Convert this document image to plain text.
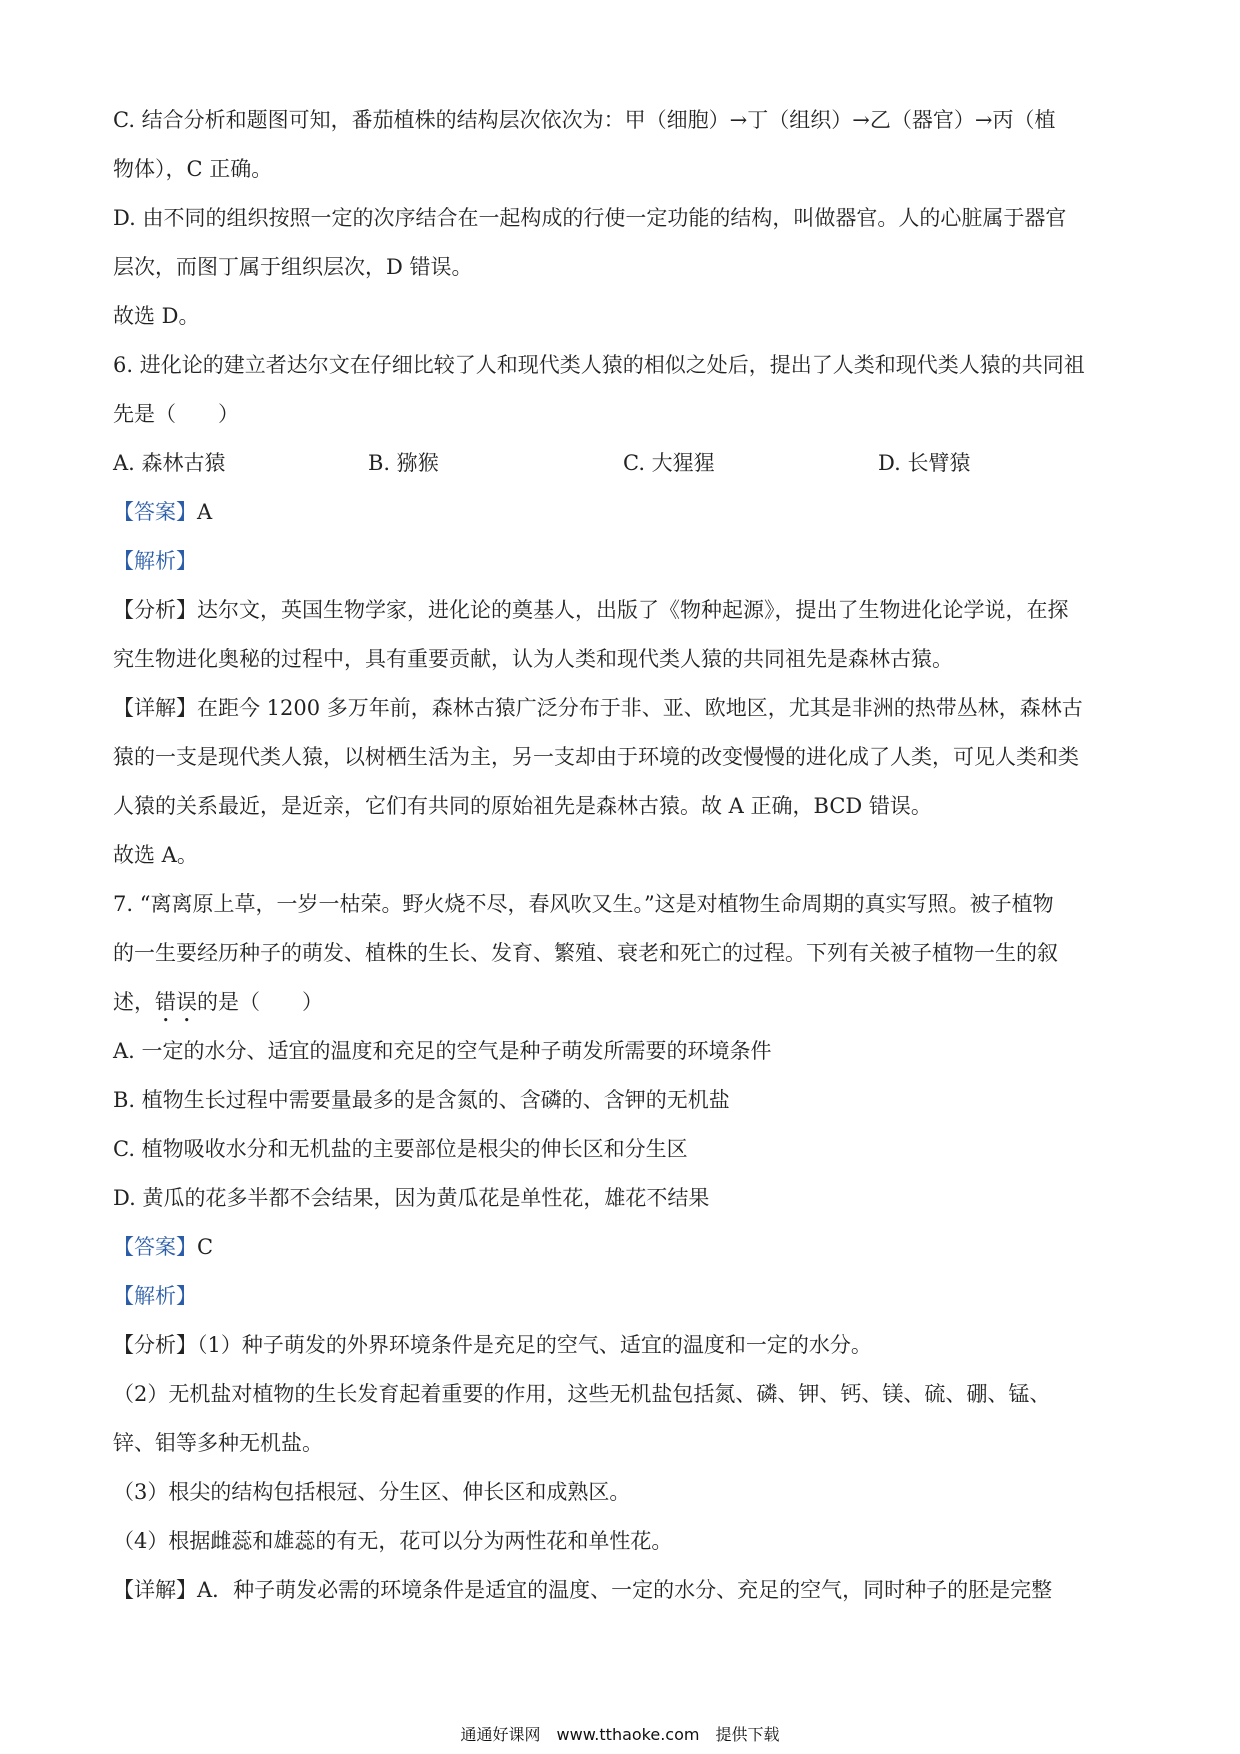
C. 结合分析和题图可知，番茄植株的结构层次依次为：甲（细胞）→丁（组织）→乙（器官）→丙（植

物体），C 正确。

D. 由不同的组织按照一定的次序结合在一起构成的行使一定功能的结构，叫做器官。人的心脏属于器官

层次，而图丁属于组织层次，D 错误。

故选 D。

6. 进化论的建立者达尔文在仔细比较了人和现代类人猿的相似之处后，提出了人类和现代类人猿的共同祖

先是（　　）

A. 森林古猿	B. 猕猴	C. 大猩猩	D. 长臂猿

【答案】A

【解析】

【分析】达尔文，英国生物学家，进化论的奠基人，出版了《物种起源》，提出了生物进化论学说，在探

究生物进化奥秘的过程中，具有重要贡献，认为人类和现代类人猿的共同祖先是森林古猿。

【详解】在距今 1200 多万年前，森林古猿广泛分布于非、亚、欧地区，尤其是非洲的热带丛林，森林古

猿的一支是现代类人猿，以树栖生活为主，另一支却由于环境的改变慢慢的进化成了人类，可见人类和类

人猿的关系最近，是近亲，它们有共同的原始祖先是森林古猿。故 A 正确，BCD 错误。

故选 A。

7. “离离原上草，一岁一枯荣。野火烧不尽，春风吹又生。”这是对植物生命周期的真实写照。被子植物

的一生要经历种子的萌发、植株的生长、发育、繁殖、衰老和死亡的过程。下列有关被子植物一生的叙

述，错误的是（　　）

A. 一定的水分、适宜的温度和充足的空气是种子萌发所需要的环境条件

B. 植物生长过程中需要量最多的是含氮的、含磷的、含钾的无机盐

C. 植物吸收水分和无机盐的主要部位是根尖的伸长区和分生区

D. 黄瓜的花多半都不会结果，因为黄瓜花是单性花，雄花不结果

【答案】C

【解析】

【分析】（1）种子萌发的外界环境条件是充足的空气、适宜的温度和一定的水分。

（2）无机盐对植物的生长发育起着重要的作用，这些无机盐包括氮、磷、钾、钙、镁、硫、硼、锰、

锌、钼等多种无机盐。

（3）根尖的结构包括根冠、分生区、伸长区和成熟区。

（4）根据雌蕊和雄蕊的有无，花可以分为两性花和单性花。

【详解】A．种子萌发必需的环境条件是适宜的温度、一定的水分、充足的空气，同时种子的胚是完整

通通好课网　www.tthaoke.com　提供下载
